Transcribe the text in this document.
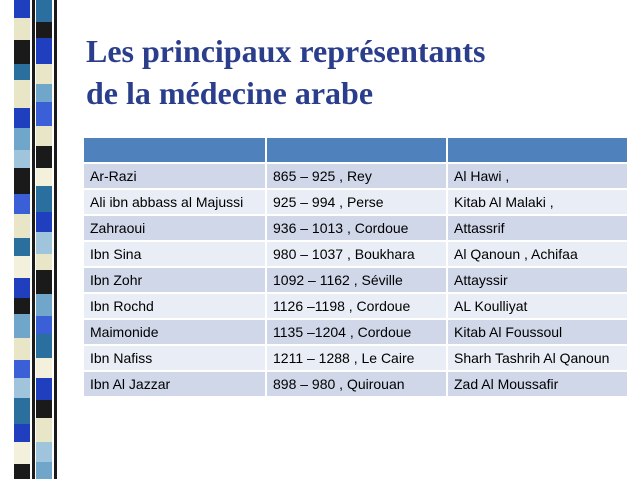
Les principaux représentants
de la médecine arabe

Ar-Razi	865 – 925 , Rey	Al Hawi ,
Ali ibn abbass al Majussi	925 – 994 , Perse	Kitab Al Malaki ,
Zahraoui	936 – 1013 , Cordoue	Attassrif
Ibn Sina	980 – 1037 , Boukhara	Al Qanoun , Achifaa
Ibn Zohr	1092 – 1162 , Séville	Attayssir
Ibn Rochd	1126 –1198 , Cordoue	AL Koulliyat
Maimonide	1135 –1204 , Cordoue	Kitab Al Foussoul
Ibn Nafiss	1211 – 1288 , Le Caire	Sharh Tashrih Al Qanoun
Ibn Al Jazzar	898 – 980 , Quirouan	Zad Al Moussafir
